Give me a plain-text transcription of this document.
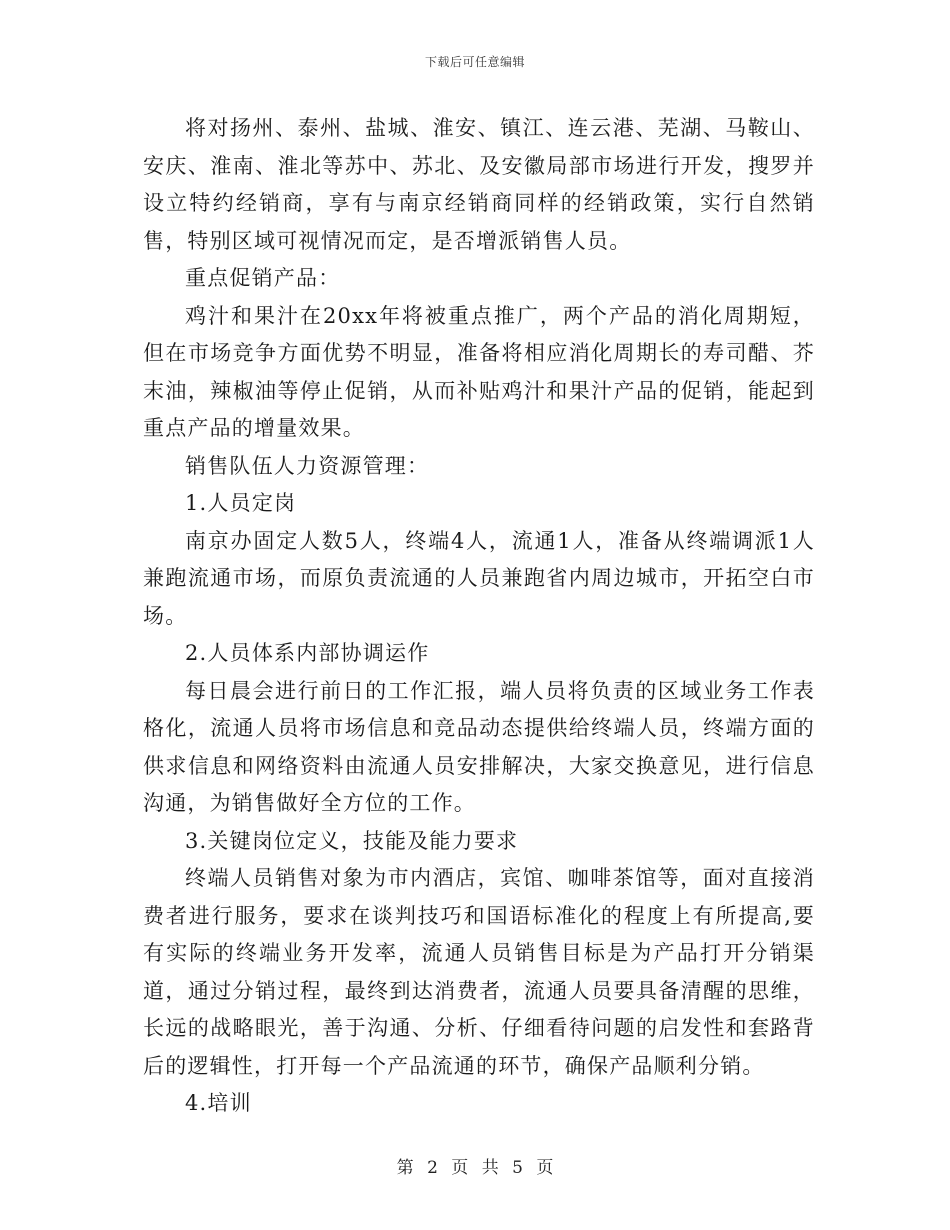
下载后可任意编辑

将对扬州、泰州、盐城、淮安、镇江、连云港、芜湖、马鞍山、安庆、淮南、淮北等苏中、苏北、及安徽局部市场进行开发，搜罗并设立特约经销商，享有与南京经销商同样的经销政策，实行自然销售，特别区域可视情况而定，是否增派销售人员。

重点促销产品：

鸡汁和果汁在20xx年将被重点推广，两个产品的消化周期短，但在市场竞争方面优势不明显，准备将相应消化周期长的寿司醋、芥末油，辣椒油等停止促销，从而补贴鸡汁和果汁产品的促销，能起到重点产品的增量效果。

销售队伍人力资源管理：

1.人员定岗

南京办固定人数5人，终端4人，流通1人，准备从终端调派1人兼跑流通市场，而原负责流通的人员兼跑省内周边城市，开拓空白市场。

2.人员体系内部协调运作

每日晨会进行前日的工作汇报，端人员将负责的区域业务工作表格化，流通人员将市场信息和竞品动态提供给终端人员，终端方面的供求信息和网络资料由流通人员安排解决，大家交换意见，进行信息沟通，为销售做好全方位的工作。

3.关键岗位定义，技能及能力要求

终端人员销售对象为市内酒店，宾馆、咖啡茶馆等，面对直接消费者进行服务，要求在谈判技巧和国语标准化的程度上有所提高,要有实际的终端业务开发率，流通人员销售目标是为产品打开分销渠道，通过分销过程，最终到达消费者，流通人员要具备清醒的思维，长远的战略眼光，善于沟通、分析、仔细看待问题的启发性和套路背后的逻辑性，打开每一个产品流通的环节，确保产品顺利分销。

4.培训

第 2 页 共 5 页
